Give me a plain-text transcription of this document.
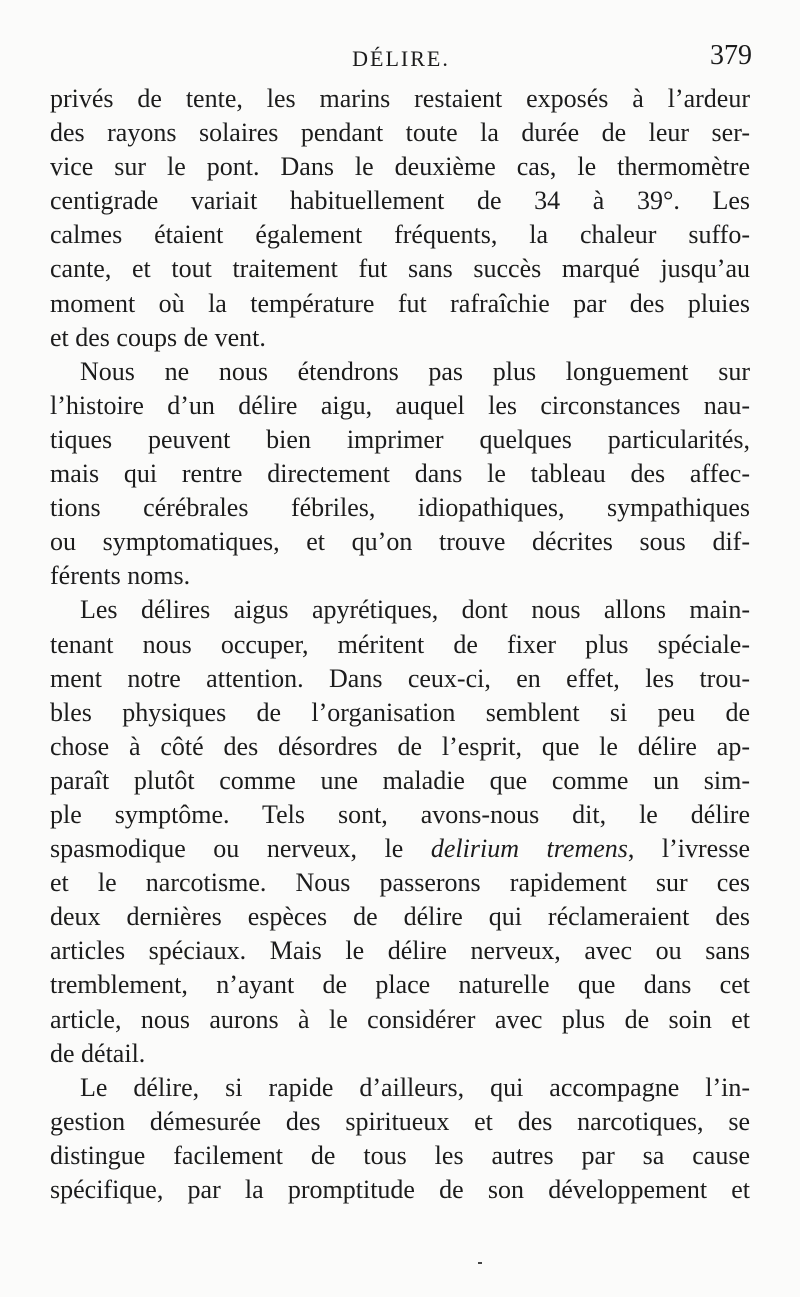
DÉLIRE.	379
privés de tente, les marins restaient exposés à l’ardeur
des rayons solaires pendant toute la durée de leur ser-
vice sur le pont. Dans le deuxième cas, le thermomètre
centigrade variait habituellement de 34 à 39°. Les
calmes étaient également fréquents, la chaleur suffo-
cante, et tout traitement fut sans succès marqué jusqu’au
moment où la température fut rafraîchie par des pluies
et des coups de vent.
Nous ne nous étendrons pas plus longuement sur
l’histoire d’un délire aigu, auquel les circonstances nau-
tiques peuvent bien imprimer quelques particularités,
mais qui rentre directement dans le tableau des affec-
tions cérébrales fébriles, idiopathiques, sympathiques
ou symptomatiques, et qu’on trouve décrites sous dif-
férents noms.
Les délires aigus apyrétiques, dont nous allons main-
tenant nous occuper, méritent de fixer plus spéciale-
ment notre attention. Dans ceux-ci, en effet, les trou-
bles physiques de l’organisation semblent si peu de
chose à côté des désordres de l’esprit, que le délire ap-
paraît plutôt comme une maladie que comme un sim-
ple symptôme. Tels sont, avons-nous dit, le délire
spasmodique ou nerveux, le delirium tremens, l’ivresse
et le narcotisme. Nous passerons rapidement sur ces
deux dernières espèces de délire qui réclameraient des
articles spéciaux. Mais le délire nerveux, avec ou sans
tremblement, n’ayant de place naturelle que dans cet
article, nous aurons à le considérer avec plus de soin et
de détail.
Le délire, si rapide d’ailleurs, qui accompagne l’in-
gestion démesurée des spiritueux et des narcotiques, se
distingue facilement de tous les autres par sa cause
spécifique, par la promptitude de son développement et
